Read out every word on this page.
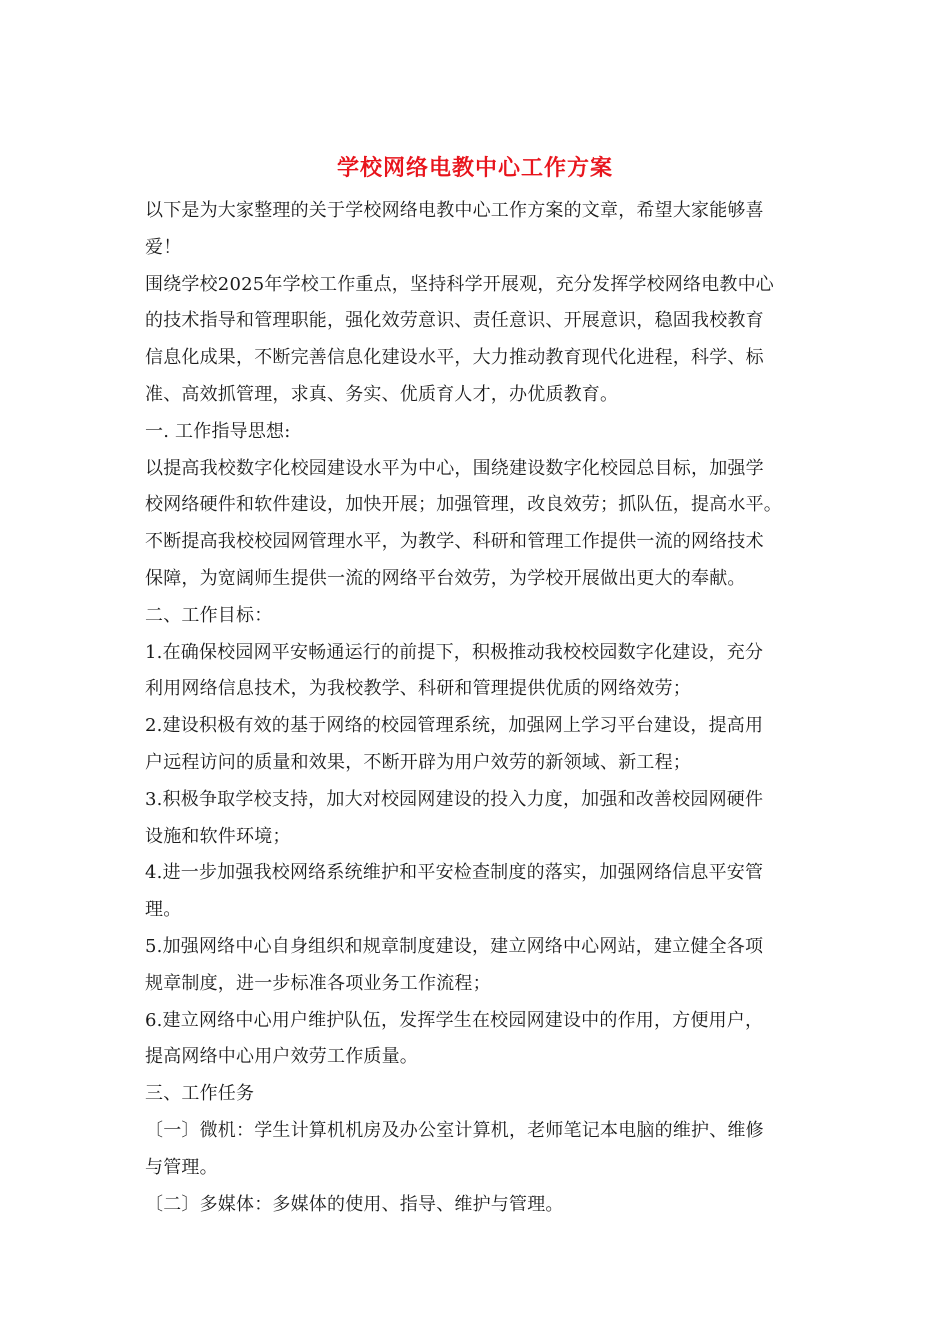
学校网络电教中心工作方案
以下是为大家整理的关于学校网络电教中心工作方案的文章，希望大家能够喜
爱！
围绕学校2025年学校工作重点，坚持科学开展观，充分发挥学校网络电教中心
的技术指导和管理职能，强化效劳意识、责任意识、开展意识，稳固我校教育
信息化成果，不断完善信息化建设水平，大力推动教育现代化进程，科学、标
准、高效抓管理，求真、务实、优质育人才，办优质教育。
一. 工作指导思想:
以提高我校数字化校园建设水平为中心，围绕建设数字化校园总目标，加强学
校网络硬件和软件建设，加快开展；加强管理，改良效劳；抓队伍，提高水平。
不断提高我校校园网管理水平，为教学、科研和管理工作提供一流的网络技术
保障，为宽阔师生提供一流的网络平台效劳，为学校开展做出更大的奉献。
二、工作目标：
1.在确保校园网平安畅通运行的前提下，积极推动我校校园数字化建设，充分
利用网络信息技术，为我校教学、科研和管理提供优质的网络效劳；
2.建设积极有效的基于网络的校园管理系统，加强网上学习平台建设，提高用
户远程访问的质量和效果，不断开辟为用户效劳的新领域、新工程；
3.积极争取学校支持，加大对校园网建设的投入力度，加强和改善校园网硬件
设施和软件环境；
4.进一步加强我校网络系统维护和平安检查制度的落实，加强网络信息平安管
理。
5.加强网络中心自身组织和规章制度建设，建立网络中心网站，建立健全各项
规章制度，进一步标准各项业务工作流程；
6.建立网络中心用户维护队伍，发挥学生在校园网建设中的作用，方便用户，
提高网络中心用户效劳工作质量。
三、工作任务
〔一〕微机：学生计算机机房及办公室计算机，老师笔记本电脑的维护、维修
与管理。
〔二〕多媒体：多媒体的使用、指导、维护与管理。
